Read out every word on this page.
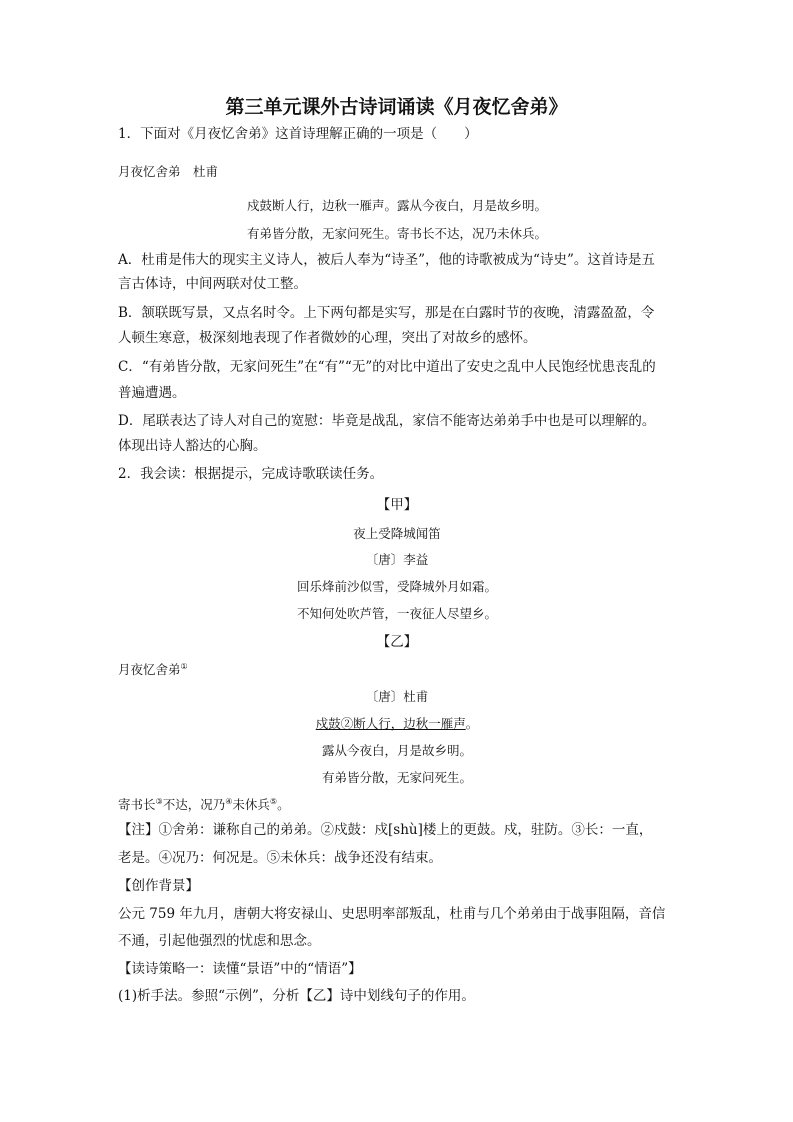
第三单元课外古诗词诵读《月夜忆舍弟》
1．下面对《月夜忆舍弟》这首诗理解正确的一项是（　　）
月夜忆舍弟　杜甫
戍鼓断人行，边秋一雁声。露从今夜白，月是故乡明。
有弟皆分散，无家问死生。寄书长不达，况乃未休兵。
A．杜甫是伟大的现实主义诗人，被后人奉为“诗圣”，他的诗歌被成为“诗史”。这首诗是五
言古体诗，中间两联对仗工整。
B．颔联既写景，又点名时令。上下两句都是实写，那是在白露时节的夜晚，清露盈盈，令
人顿生寒意，极深刻地表现了作者微妙的心理，突出了对故乡的感怀。
C．“有弟皆分散，无家问死生”在“有”“无”的对比中道出了安史之乱中人民饱经忧患丧乱的
普遍遭遇。
D．尾联表达了诗人对自己的宽慰：毕竟是战乱，家信不能寄达弟弟手中也是可以理解的。
体现出诗人豁达的心胸。
2．我会读：根据提示，完成诗歌联读任务。
【甲】
夜上受降城闻笛
〔唐〕李益
回乐烽前沙似雪，受降城外月如霜。
不知何处吹芦管，一夜征人尽望乡。
【乙】
月夜忆舍弟①
〔唐〕杜甫
戍鼓②断人行，边秋一雁声。
露从今夜白，月是故乡明。
有弟皆分散，无家问死生。
寄书长③不达，况乃④未休兵⑤。
【注】①舍弟：谦称自己的弟弟。②戍鼓：戍[shù]楼上的更鼓。戍，驻防。③长：一直，
老是。④况乃：何况是。⑤未休兵：战争还没有结束。
【创作背景】
公元 759 年九月，唐朝大将安禄山、史思明率部叛乱，杜甫与几个弟弟由于战事阻隔，音信
不通，引起他强烈的忧虑和思念。
【读诗策略一：读懂“景语”中的“情语”】
(1)析手法。参照“示例”，分析【乙】诗中划线句子的作用。
